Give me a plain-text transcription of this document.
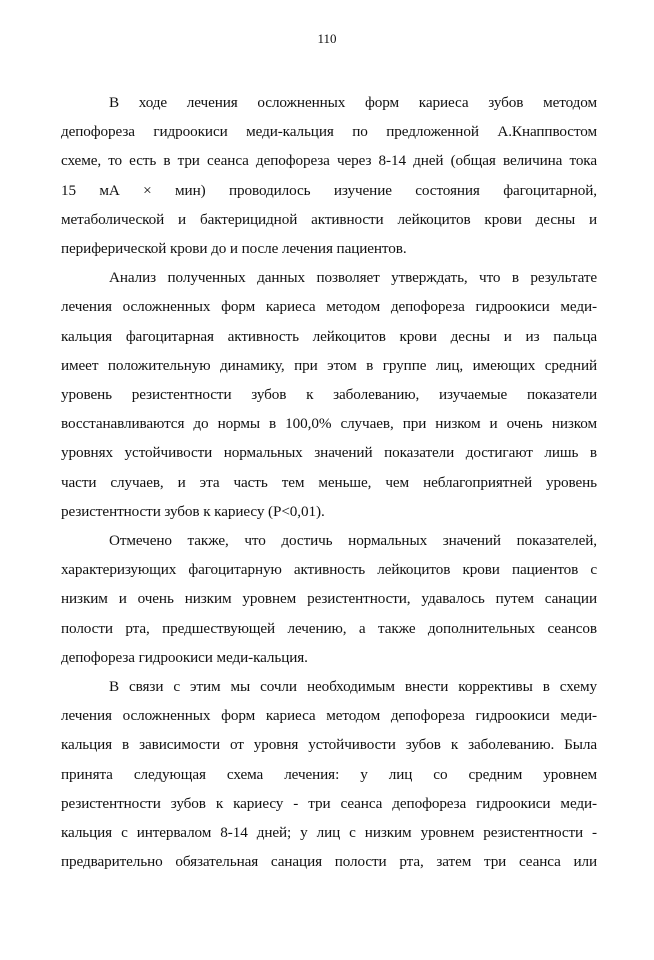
110

В ходе лечения осложненных форм кариеса зубов методом
депофореза гидроокиси меди-кальция по предложенной А.Кнаппвостом
схеме, то есть в три сеанса депофореза через 8-14 дней (общая величина тока
15 мА × мин) проводилось изучение состояния фагоцитарной,
метаболической и бактерицидной активности лейкоцитов крови десны и
периферической крови до и после лечения пациентов.

Анализ полученных данных позволяет утверждать, что в результате
лечения осложненных форм кариеса методом депофореза гидроокиси меди-
кальция фагоцитарная активность лейкоцитов крови десны и из пальца
имеет положительную динамику, при этом в группе лиц, имеющих средний
уровень резистентности зубов к заболеванию, изучаемые показатели
восстанавливаются до нормы в 100,0% случаев, при низком и очень низком
уровнях устойчивости нормальных значений показатели достигают лишь в
части случаев, и эта часть тем меньше, чем неблагоприятней уровень
резистентности зубов к кариесу (Р<0,01).

Отмечено также, что достичь нормальных значений показателей,
характеризующих фагоцитарную активность лейкоцитов крови пациентов с
низким и очень низким уровнем резистентности, удавалось путем санации
полости рта, предшествующей лечению, а также дополнительных сеансов
депофореза гидроокиси меди-кальция.

В связи с этим мы сочли необходимым внести коррективы в схему
лечения осложненных форм кариеса методом депофореза гидроокиси меди-
кальция в зависимости от уровня устойчивости зубов к заболеванию. Была
принята следующая схема лечения: у лиц со средним уровнем
резистентности зубов к кариесу - три сеанса депофореза гидроокиси меди-
кальция с интервалом 8-14 дней; у лиц с низким уровнем резистентности -
предварительно обязательная санация полости рта, затем три сеанса или
